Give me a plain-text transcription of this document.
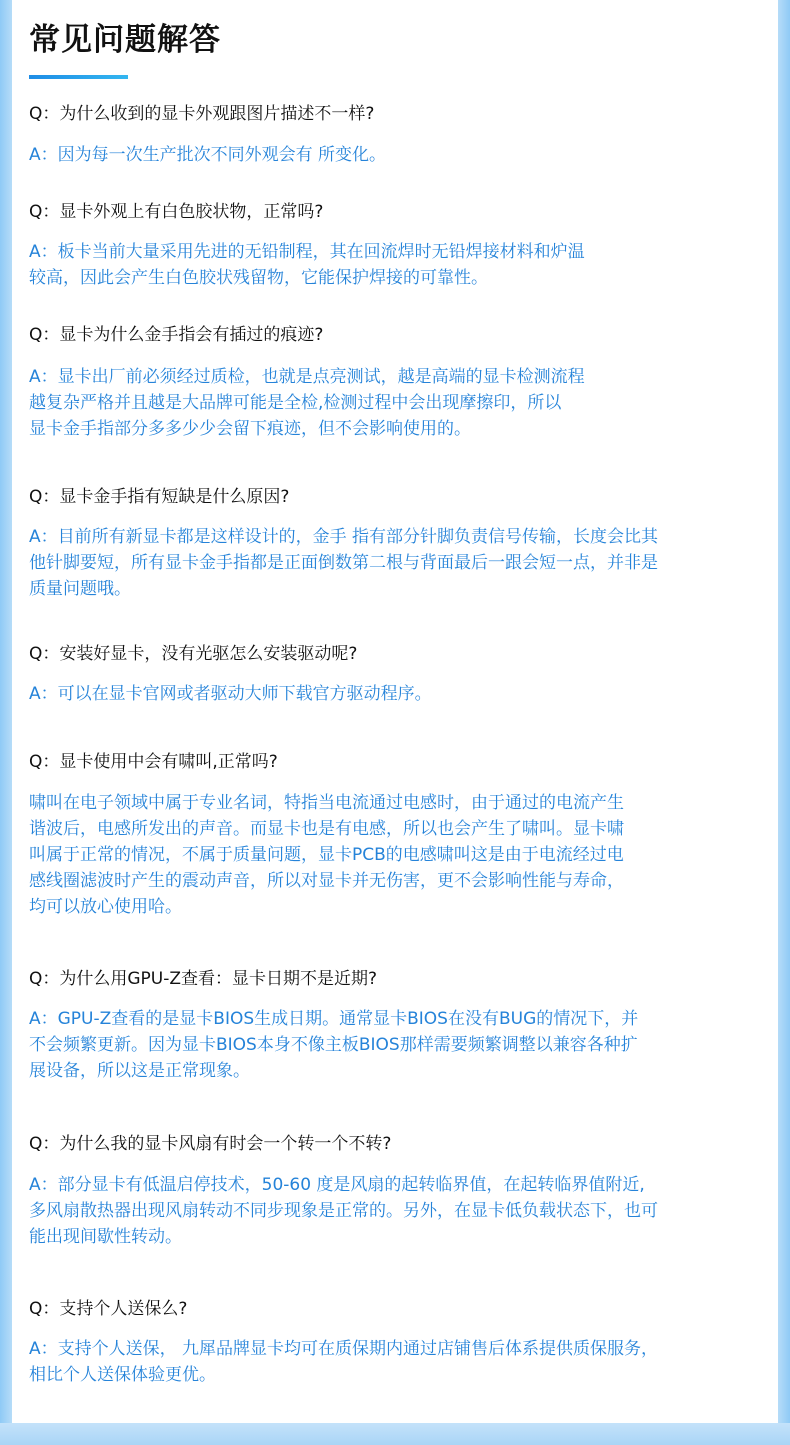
常见问题解答
Q：为什么收到的显卡外观跟图片描述不一样?
A：因为每一次生产批次不同外观会有 所变化。
Q：显卡外观上有白色胶状物，正常吗?
A：板卡当前大量采用先进的无铅制程，其在回流焊时无铅焊接材料和炉温
较高，因此会产生白色胶状残留物，它能保护焊接的可靠性。
Q：显卡为什么金手指会有插过的痕迹?
A：显卡出厂前必须经过质检，也就是点亮测试，越是高端的显卡检测流程
越复杂严格并且越是大品牌可能是全检,检测过程中会出现摩擦印，所以
显卡金手指部分多多少少会留下痕迹，但不会影响使用的。
Q：显卡金手指有短缺是什么原因?
A：目前所有新显卡都是这样设计的，金手 指有部分针脚负责信号传输，长度会比其
他针脚要短，所有显卡金手指都是正面倒数第二根与背面最后一跟会短一点，并非是
质量问题哦。
Q：安装好显卡，没有光驱怎么安装驱动呢?
A：可以在显卡官网或者驱动大师下载官方驱动程序。
Q：显卡使用中会有啸叫,正常吗?
啸叫在电子领域中属于专业名词，特指当电流通过电感时，由于通过的电流产生
谐波后，电感所发出的声音。而显卡也是有电感，所以也会产生了啸叫。显卡啸
叫属于正常的情况，不属于质量问题，显卡PCB的电感啸叫这是由于电流经过电
感线圈滤波时产生的震动声音，所以对显卡并无伤害，更不会影响性能与寿命，
均可以放心使用哈。
Q：为什么用GPU-Z查看：显卡日期不是近期?
A：GPU-Z查看的是显卡BIOS生成日期。通常显卡BIOS在没有BUG的情况下，并
不会频繁更新。因为显卡BIOS本身不像主板BIOS那样需要频繁调整以兼容各种扩
展设备，所以这是正常现象。
Q：为什么我的显卡风扇有时会一个转一个不转?
A：部分显卡有低温启停技术，50-60 度是风扇的起转临界值，在起转临界值附近,
多风扇散热器出现风扇转动不同步现象是正常的。另外，在显卡低负载状态下，也可
能出现间歇性转动。
Q：支持个人送保么?
A：支持个人送保， 九犀品牌显卡均可在质保期内通过店铺售后体系提供质保服务，
相比个人送保体验更优。
